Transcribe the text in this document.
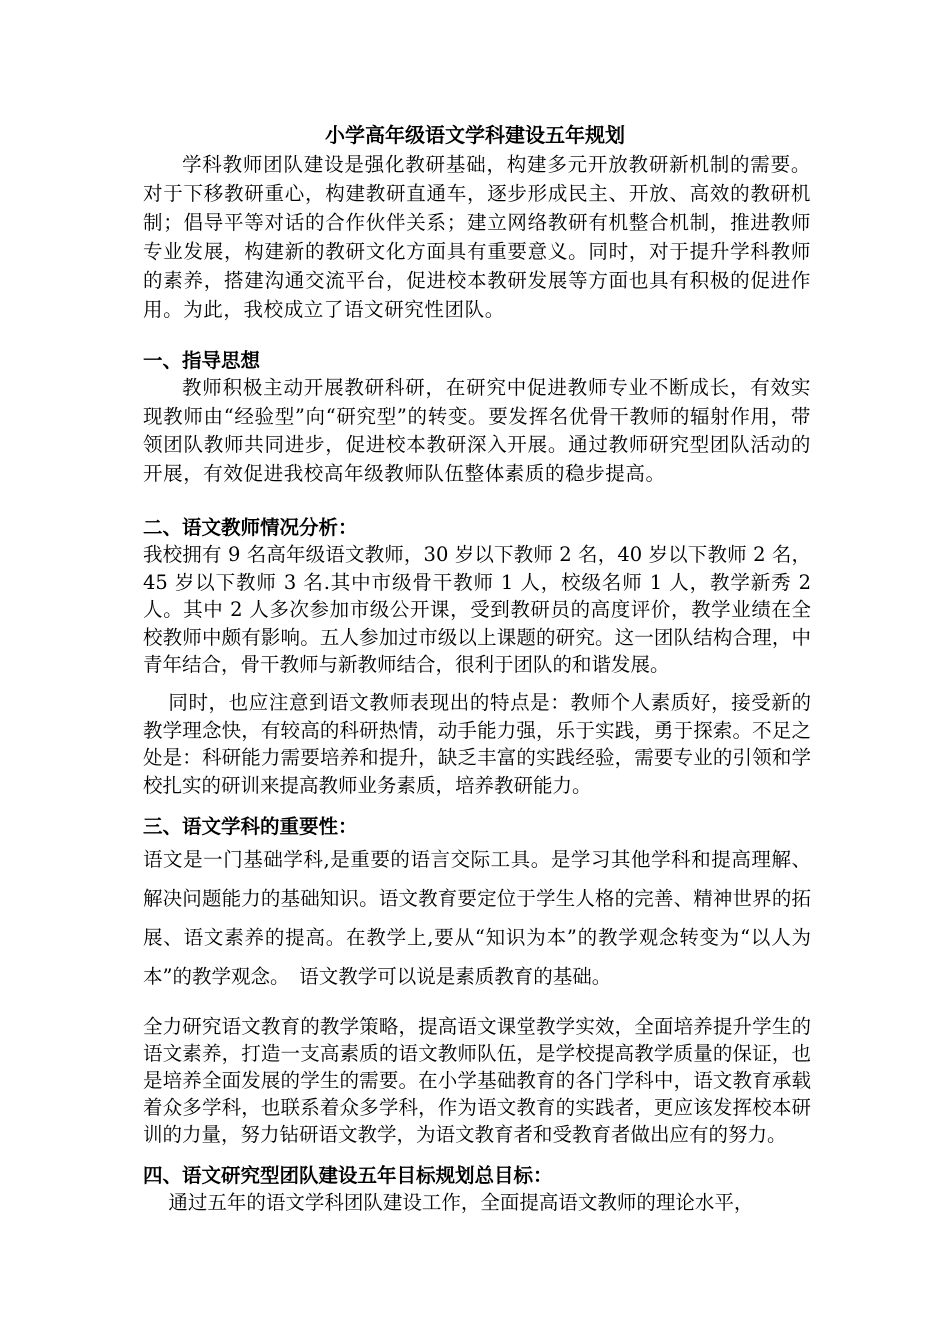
小学高年级语文学科建设五年规划

学科教师团队建设是强化教研基础，构建多元开放教研新机制的需要。对于下移教研重心，构建教研直通车，逐步形成民主、开放、高效的教研机制；倡导平等对话的合作伙伴关系；建立网络教研有机整合机制，推进教师专业发展，构建新的教研文化方面具有重要意义。同时，对于提升学科教师的素养，搭建沟通交流平台，促进校本教研发展等方面也具有积极的促进作用。为此，我校成立了语文研究性团队。

一、指导思想

教师积极主动开展教研科研，在研究中促进教师专业不断成长，有效实现教师由“经验型”向“研究型”的转变。要发挥名优骨干教师的辐射作用，带领团队教师共同进步，促进校本教研深入开展。通过教师研究型团队活动的开展，有效促进我校高年级教师队伍整体素质的稳步提高。

二、语文教师情况分析：

我校拥有 9 名高年级语文教师，30 岁以下教师 2 名，40 岁以下教师 2 名，45 岁以下教师 3 名.其中市级骨干教师 1 人，校级名师 1 人，教学新秀 2 人。其中 2 人多次参加市级公开课，受到教研员的高度评价，教学业绩在全校教师中颇有影响。五人参加过市级以上课题的研究。这一团队结构合理，中青年结合，骨干教师与新教师结合，很利于团队的和谐发展。

同时，也应注意到语文教师表现出的特点是：教师个人素质好，接受新的教学理念快，有较高的科研热情，动手能力强，乐于实践，勇于探索。不足之处是：科研能力需要培养和提升，缺乏丰富的实践经验，需要专业的引领和学校扎实的研训来提高教师业务素质，培养教研能力。

三、语文学科的重要性：

语文是一门基础学科,是重要的语言交际工具。是学习其他学科和提高理解、解决问题能力的基础知识。语文教育要定位于学生人格的完善、精神世界的拓展、语文素养的提高。在教学上,要从“知识为本”的教学观念转变为“以人为本”的教学观念。　 语文教学可以说是素质教育的基础。

全力研究语文教育的教学策略，提高语文课堂教学实效，全面培养提升学生的语文素养，打造一支高素质的语文教师队伍，是学校提高教学质量的保证，也是培养全面发展的学生的需要。在小学基础教育的各门学科中，语文教育承载着众多学科，也联系着众多学科，作为语文教育的实践者，更应该发挥校本研训的力量，努力钻研语文教学，为语文教育者和受教育者做出应有的努力。

四、语文研究型团队建设五年目标规划总目标：

通过五年的语文学科团队建设工作，全面提高语文教师的理论水平，
